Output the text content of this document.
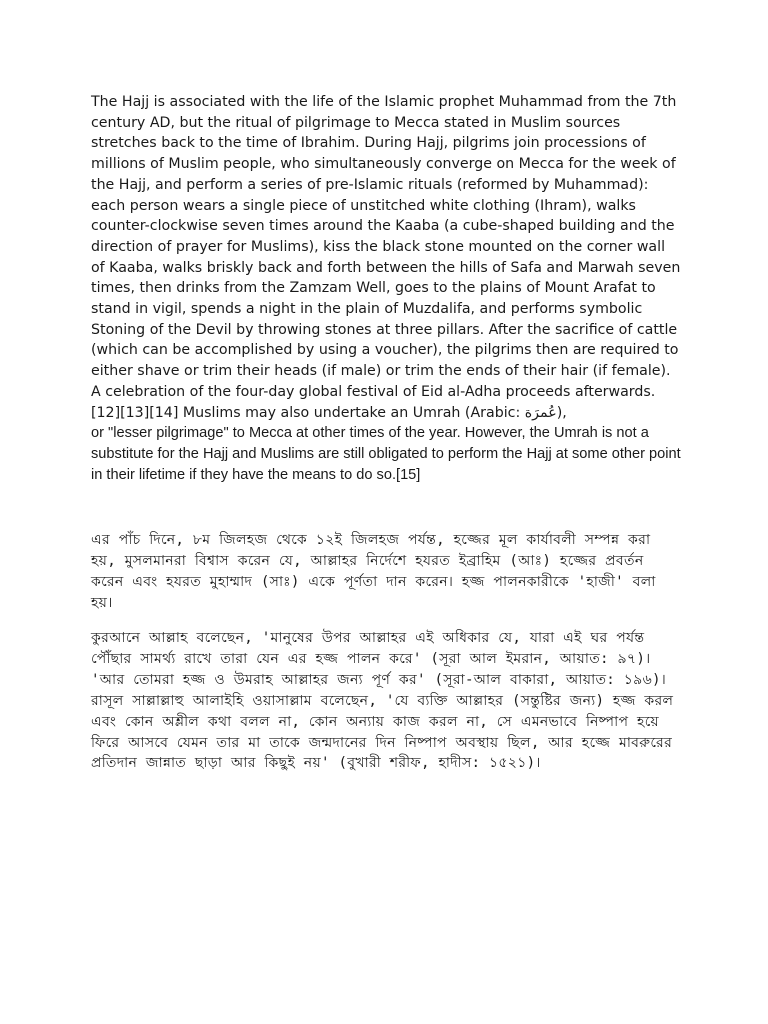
The Hajj is associated with the life of the Islamic prophet Muhammad from the 7th century AD, but the ritual of pilgrimage to Mecca stated in Muslim sources stretches back to the time of Ibrahim. During Hajj, pilgrims join processions of millions of Muslim people, who simultaneously converge on Mecca for the week of the Hajj, and perform a series of pre-Islamic rituals (reformed by Muhammad): each person wears a single piece of unstitched white clothing (Ihram), walks counter-clockwise seven times around the Kaaba (a cube-shaped building and the direction of prayer for Muslims), kiss the black stone mounted on the corner wall of Kaaba, walks briskly back and forth between the hills of Safa and Marwah seven times, then drinks from the Zamzam Well, goes to the plains of Mount Arafat to stand in vigil, spends a night in the plain of Muzdalifa, and performs symbolic Stoning of the Devil by throwing stones at three pillars. After the sacrifice of cattle (which can be accomplished by using a voucher), the pilgrims then are required to either shave or trim their heads (if male) or trim the ends of their hair (if female). A celebration of the four-day global festival of Eid al-Adha proceeds afterwards.[12][13][14] Muslims may also undertake an Umrah (Arabic: عُمرَة),
or "lesser pilgrimage" to Mecca at other times of the year. However, the Umrah is not a substitute for the Hajj and Muslims are still obligated to perform the Hajj at some other point in their lifetime if they have the means to do so.[15]

এর পাঁচ দিনে, ৮ম জিলহজ থেকে ১২ই জিলহজ পর্যন্ত, হজ্জের মূল কার্যাবলী সম্পন্ন করা হয়, মুসলমানরা বিশ্বাস করেন যে, আল্লাহর নির্দেশে হযরত ইব্রাহিম (আঃ) হজ্জের প্রবর্তন করেন এবং হযরত মুহাম্মাদ (সাঃ) একে পূর্ণতা দান করেন। হজ্জ পালনকারীকে 'হাজী' বলা হয়।

কুরআনে আল্লাহ বলেছেন, 'মানুষের উপর আল্লাহর এই অধিকার যে, যারা এই ঘর পর্যন্ত পৌঁছার সামর্থ্য রাখে তারা যেন এর হজ্জ পালন করে' (সূরা আল ইমরান, আয়াত: ৯৭)। 'আর তোমরা হজ্জ ও উমরাহ আল্লাহর জন্য পূর্ণ কর' (সূরা-আল বাকারা, আয়াত: ১৯৬)। রাসূল সাল্লাল্লাহু আলাইহি ওয়াসাল্লাম বলেছেন, 'যে ব্যক্তি আল্লাহর (সন্তুষ্টির জন্য) হজ্জ করল এবং কোন অশ্লীল কথা বলল না, কোন অন্যায় কাজ করল না, সে এমনভাবে নিষ্পাপ হয়ে ফিরে আসবে যেমন তার মা তাকে জন্মদানের দিন নিষ্পাপ অবস্থায় ছিল, আর হজ্জে মাবরুরের প্রতিদান জান্নাত ছাড়া আর কিছুই নয়' (বুখারী শরীফ, হাদীস: ১৫২১)।
